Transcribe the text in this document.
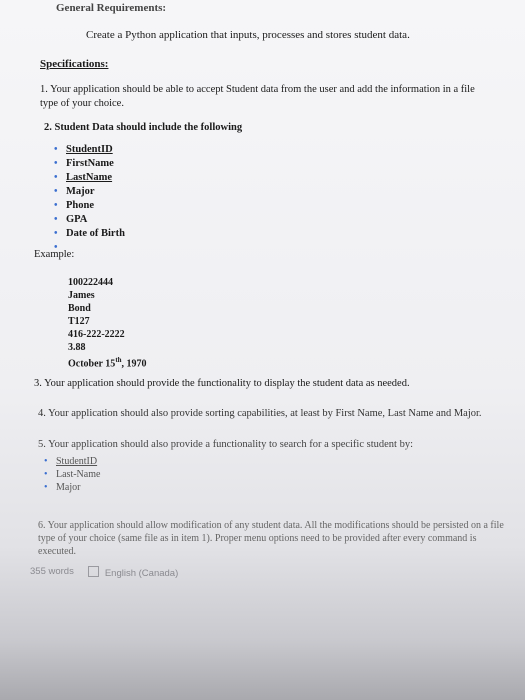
General Requirements:
Create a Python application that inputs, processes and stores student data.
Specifications:
1. Your application should be able to accept Student data from the user and add the information in a file type of your choice.
2. Student Data should include the following
• StudentID
• FirstName
• LastName
• Major
• Phone
• GPA
• Date of Birth
•
Example:
100222444
James
Bond
T127
416-222-2222
3.88
October 15th, 1970
3. Your application should provide the functionality to display the student data as needed.
4. Your application should also provide sorting capabilities, at least by First Name, Last Name and Major.
5. Your application should also provide a functionality to search for a specific student by:
• StudentID
• Last-Name
• Major
6. Your application should allow modification of any student data. All the modifications should be persisted on a file type of your choice (same file as in item 1). Proper menu options need to be provided after every command is executed.
355 words	English (Canada)
